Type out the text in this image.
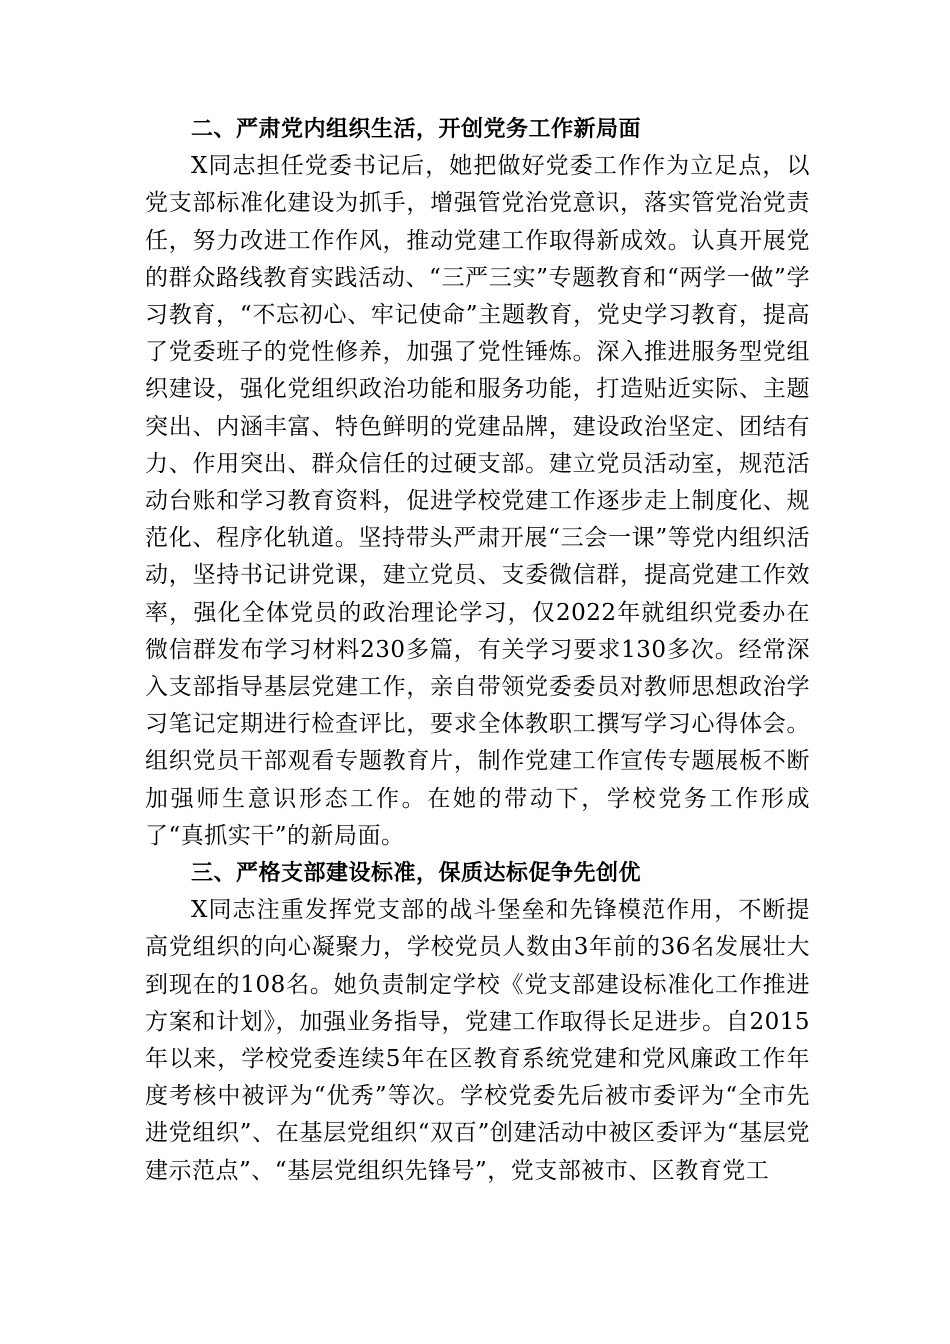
二、严肃党内组织生活，开创党务工作新局面

X同志担任党委书记后，她把做好党委工作作为立足点，以党支部标准化建设为抓手，增强管党治党意识，落实管党治党责任，努力改进工作作风，推动党建工作取得新成效。认真开展党的群众路线教育实践活动、“三严三实”专题教育和“两学一做”学习教育，“不忘初心、牢记使命”主题教育，党史学习教育，提高了党委班子的党性修养，加强了党性锤炼。深入推进服务型党组织建设，强化党组织政治功能和服务功能，打造贴近实际、主题突出、内涵丰富、特色鲜明的党建品牌，建设政治坚定、团结有力、作用突出、群众信任的过硬支部。建立党员活动室，规范活动台账和学习教育资料，促进学校党建工作逐步走上制度化、规范化、程序化轨道。坚持带头严肃开展“三会一课”等党内组织活动，坚持书记讲党课，建立党员、支委微信群，提高党建工作效率，强化全体党员的政治理论学习，仅2022年就组织党委办在微信群发布学习材料230多篇，有关学习要求130多次。经常深入支部指导基层党建工作，亲自带领党委委员对教师思想政治学习笔记定期进行检查评比，要求全体教职工撰写学习心得体会。组织党员干部观看专题教育片，制作党建工作宣传专题展板不断加强师生意识形态工作。在她的带动下，学校党务工作形成了“真抓实干”的新局面。

三、严格支部建设标准，保质达标促争先创优

X同志注重发挥党支部的战斗堡垒和先锋模范作用，不断提高党组织的向心凝聚力，学校党员人数由3年前的36名发展壮大到现在的108名。她负责制定学校《党支部建设标准化工作推进方案和计划》，加强业务指导，党建工作取得长足进步。自2015年以来，学校党委连续5年在区教育系统党建和党风廉政工作年度考核中被评为“优秀”等次。学校党委先后被市委评为“全市先进党组织”、在基层党组织“双百”创建活动中被区委评为“基层党建示范点”、“基层党组织先锋号”，党支部被市、区教育党工
